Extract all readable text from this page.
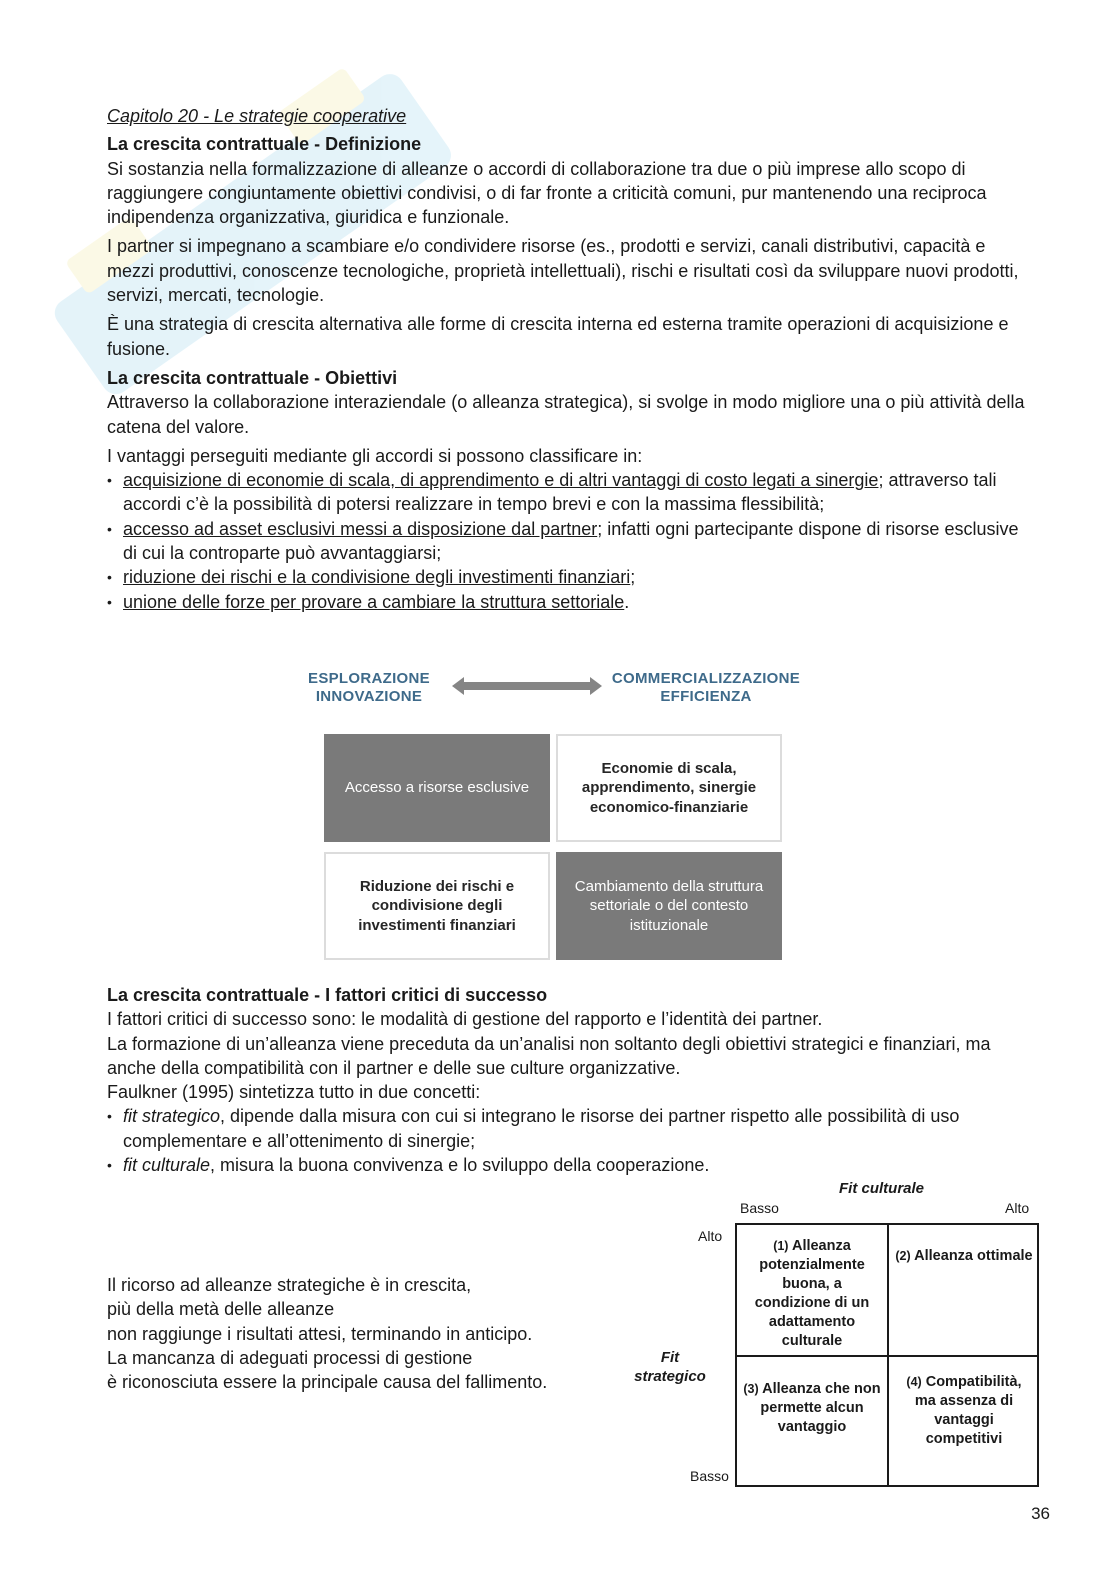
Capitolo 20 - Le strategie cooperative

La crescita contrattuale - Definizione

Si sostanzia nella formalizzazione di alleanze o accordi di collaborazione tra due o più imprese allo scopo di raggiungere congiuntamente obiettivi condivisi, o di far fronte a criticità comuni, pur mantenendo una reciproca indipendenza organizzativa, giuridica e funzionale.

I partner si impegnano a scambiare e/o condividere risorse (es., prodotti e servizi, canali distributivi, capacità e mezzi produttivi, conoscenze tecnologiche, proprietà intellettuali), rischi e risultati così da sviluppare nuovi prodotti, servizi, mercati, tecnologie.

È una strategia di crescita alternativa alle forme di crescita interna ed esterna tramite operazioni di acquisizione e fusione.

La crescita contrattuale - Obiettivi

Attraverso la collaborazione interaziendale (o alleanza strategica), si svolge in modo migliore una o più attività della catena del valore.

I vantaggi perseguiti mediante gli accordi si possono classificare in:

• acquisizione di economie di scala, di apprendimento e di altri vantaggi di costo legati a sinergie; attraverso tali accordi c’è la possibilità di potersi realizzare in tempo brevi e con la massima flessibilità;
• accesso ad asset esclusivi messi a disposizione dal partner; infatti ogni partecipante dispone di risorse esclusive di cui la controparte può avvantaggiarsi;
• riduzione dei rischi e la condivisione degli investimenti finanziari;
• unione delle forze per provare a cambiare la struttura settoriale.
ESPLORAZIONE
INNOVAZIONE
COMMERCIALIZZAZIONE
EFFICIENZA
Accesso a risorse esclusive
Economie di scala, apprendimento, sinergie economico-finanziarie
Riduzione dei rischi e condivisione degli investimenti finanziari
Cambiamento della struttura settoriale o del contesto istituzionale
La crescita contrattuale - I fattori critici di successo

I fattori critici di successo sono: le modalità di gestione del rapporto e l’identità dei partner.

La formazione di un’alleanza viene preceduta da un’analisi non soltanto degli obiettivi strategici e finanziari, ma anche della compatibilità con il partner e delle sue culture organizzative.

Faulkner (1995) sintetizza tutto in due concetti:

• fit strategico, dipende dalla misura con cui si integrano le risorse dei partner rispetto alle possibilità di uso complementare e all’ottenimento di sinergie;
• fit culturale, misura la buona convivenza e lo sviluppo della cooperazione.
Il ricorso ad alleanze strategiche è in crescita,
più della metà delle alleanze
non raggiunge i risultati attesi, terminando in anticipo.
La mancanza di adeguati processi di gestione
è riconosciuta essere la principale causa del fallimento.
Fit culturale
Basso	Alto
Alto
Basso
Fit
strategico
(1) Alleanza potenzialmente buona, a condizione di un adattamento culturale
(2) Alleanza ottimale
(3) Alleanza che non permette alcun vantaggio
(4) Compatibilità, ma assenza di vantaggi competitivi
36
